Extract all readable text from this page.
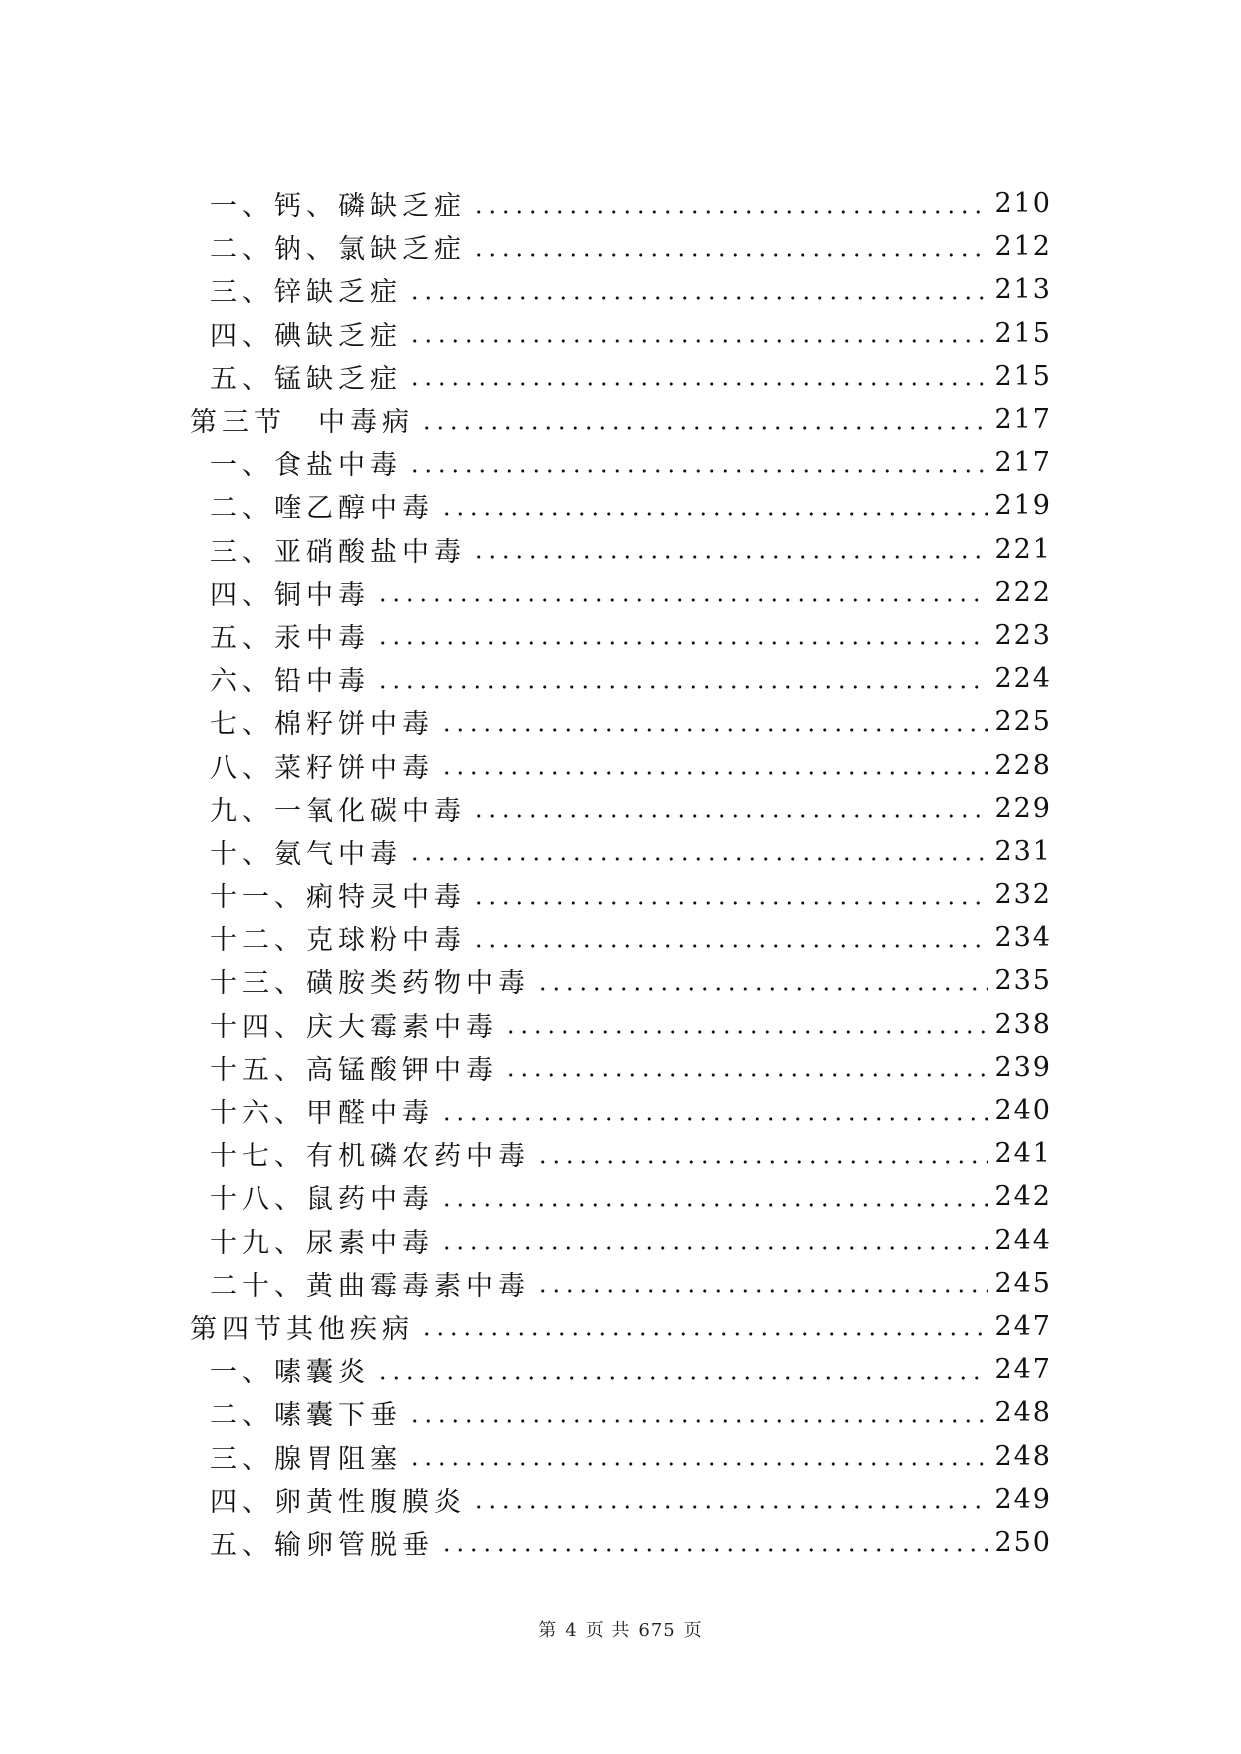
一、钙、磷缺乏症	210
二、钠、氯缺乏症	212
三、锌缺乏症	213
四、碘缺乏症	215
五、锰缺乏症	215
第三节　中毒病	217
一、食盐中毒	217
二、喹乙醇中毒	219
三、亚硝酸盐中毒	221
四、铜中毒	222
五、汞中毒	223
六、铅中毒	224
七、棉籽饼中毒	225
八、菜籽饼中毒	228
九、一氧化碳中毒	229
十、氨气中毒	231
十一、痢特灵中毒	232
十二、克球粉中毒	234
十三、磺胺类药物中毒	235
十四、庆大霉素中毒	238
十五、高锰酸钾中毒	239
十六、甲醛中毒	240
十七、有机磷农药中毒	241
十八、鼠药中毒	242
十九、尿素中毒	244
二十、黄曲霉毒素中毒	245
第四节其他疾病	247
一、嗉囊炎	247
二、嗉囊下垂	248
三、腺胃阻塞	248
四、卵黄性腹膜炎	249
五、输卵管脱垂	250
第 4 页 共 675 页
